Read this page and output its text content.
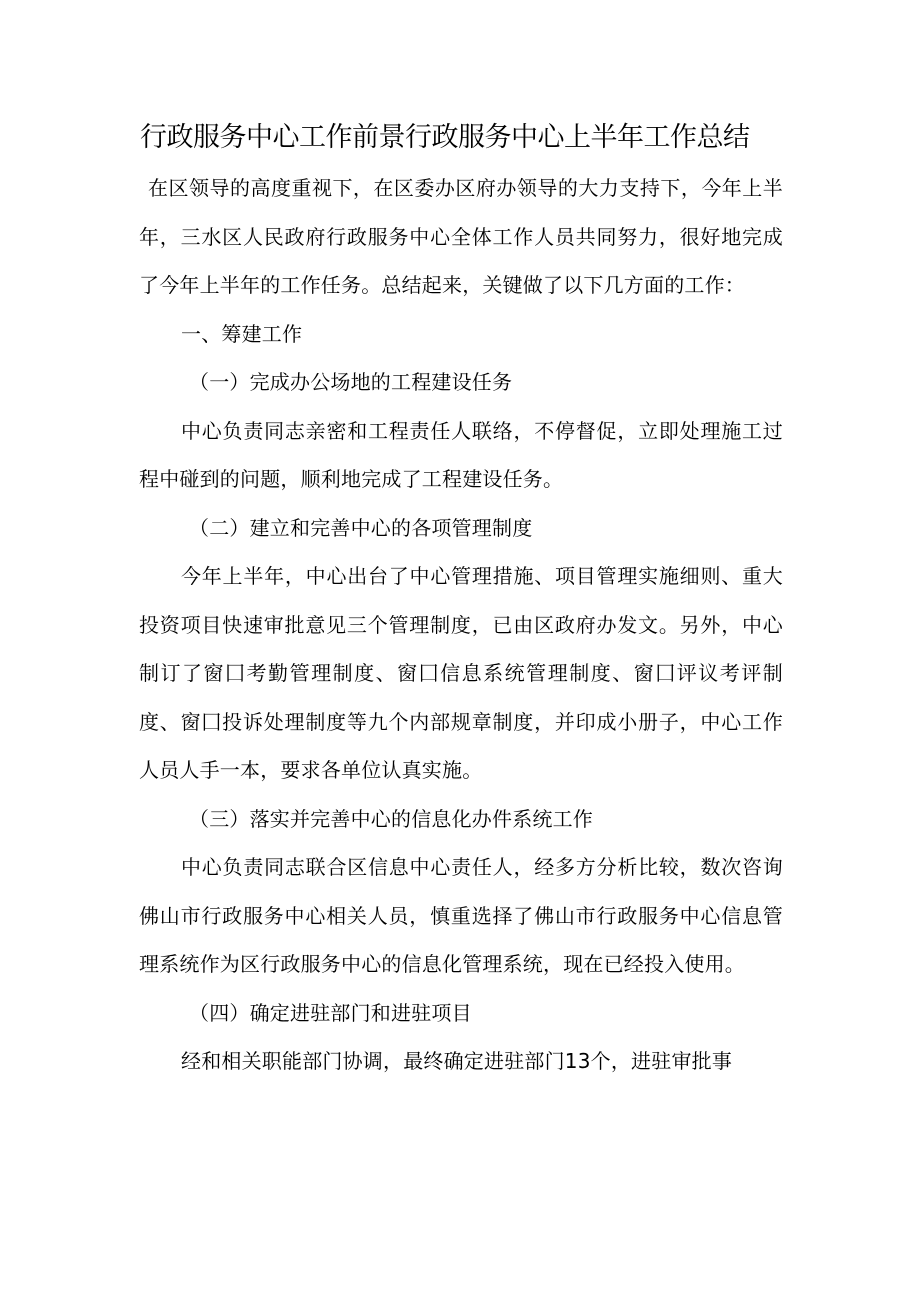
行政服务中心工作前景行政服务中心上半年工作总结

在区领导的高度重视下，在区委办区府办领导的大力支持下，今年上半年，三水区人民政府行政服务中心全体工作人员共同努力，很好地完成了今年上半年的工作任务。总结起来，关键做了以下几方面的工作：

一、筹建工作

（一）完成办公场地的工程建设任务

中心负责同志亲密和工程责任人联络，不停督促，立即处理施工过程中碰到的问题，顺利地完成了工程建设任务。

（二）建立和完善中心的各项管理制度

今年上半年，中心出台了中心管理措施、项目管理实施细则、重大投资项目快速审批意见三个管理制度，已由区政府办发文。另外，中心制订了窗囗考勤管理制度、窗囗信息系统管理制度、窗囗评议考评制度、窗囗投诉处理制度等九个内部规章制度，并印成小册子，中心工作人员人手一本，要求各单位认真实施。

（三）落实并完善中心的信息化办件系统工作

中心负责同志联合区信息中心责任人，经多方分析比较，数次咨询佛山市行政服务中心相关人员，慎重选择了佛山市行政服务中心信息管理系统作为区行政服务中心的信息化管理系统，现在已经投入使用。

（四）确定进驻部门和进驻项目

经和相关职能部门协调，最终确定进驻部门13个，进驻审批事
